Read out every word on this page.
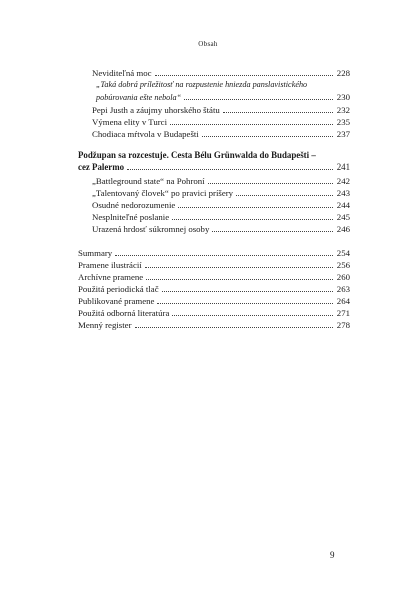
Obsah
Neviditeľná moc	228
„Taká dobrá príležitosť na rozpustenie hniezda panslavistického
pobúrovania ešte nebola“	230
Pepi Justh a záujmy uhorského štátu	232
Výmena elity v Turci	235
Chodiaca mŕtvola v Budapešti	237
Podžupan sa rozcestuje. Cesta Bélu Grünwalda do Budapešti –
cez Palermo	241
„Battleground state“ na Pohroní	242
„Talentovaný človek“ po pravici príšery	243
Osudné nedorozumenie	244
Nesplniteľné poslanie	245
Urazená hrdosť súkromnej osoby	246
Summary	254
Pramene ilustrácií	256
Archívne pramene	260
Použitá periodická tlač	263
Publikované pramene	264
Použitá odborná literatúra	271
Menný register	278
9
